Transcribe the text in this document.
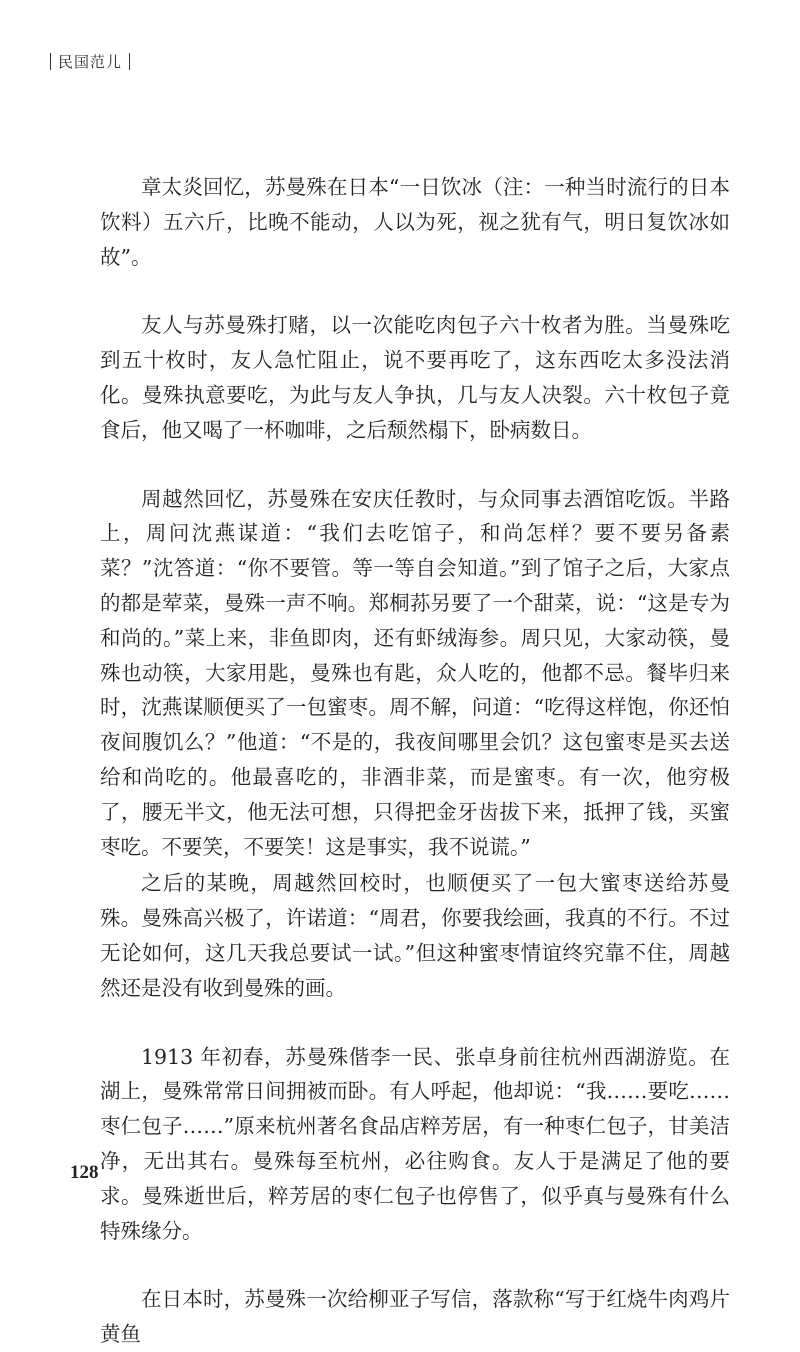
民国范儿

章太炎回忆，苏曼殊在日本“一日饮冰（注：一种当时流行的日本饮料）五六斤，比晚不能动，人以为死，视之犹有气，明日复饮冰如故”。

友人与苏曼殊打赌，以一次能吃肉包子六十枚者为胜。当曼殊吃到五十枚时，友人急忙阻止，说不要再吃了，这东西吃太多没法消化。曼殊执意要吃，为此与友人争执，几与友人决裂。六十枚包子竟食后，他又喝了一杯咖啡，之后颓然榻下，卧病数日。

周越然回忆，苏曼殊在安庆任教时，与众同事去酒馆吃饭。半路上，周问沈燕谋道：“我们去吃馆子，和尚怎样？要不要另备素菜？”沈答道：“你不要管。等一等自会知道。”到了馆子之后，大家点的都是荤菜，曼殊一声不响。郑桐荪另要了一个甜菜，说：“这是专为和尚的。”菜上来，非鱼即肉，还有虾绒海参。周只见，大家动筷，曼殊也动筷，大家用匙，曼殊也有匙，众人吃的，他都不忌。餐毕归来时，沈燕谋顺便买了一包蜜枣。周不解，问道：“吃得这样饱，你还怕夜间腹饥么？”他道：“不是的，我夜间哪里会饥？这包蜜枣是买去送给和尚吃的。他最喜吃的，非酒非菜，而是蜜枣。有一次，他穷极了，腰无半文，他无法可想，只得把金牙齿拔下来，抵押了钱，买蜜枣吃。不要笑，不要笑！这是事实，我不说谎。”

之后的某晚，周越然回校时，也顺便买了一包大蜜枣送给苏曼殊。曼殊高兴极了，许诺道：“周君，你要我绘画，我真的不行。不过无论如何，这几天我总要试一试。”但这种蜜枣情谊终究靠不住，周越然还是没有收到曼殊的画。

1913 年初春，苏曼殊偕李一民、张卓身前往杭州西湖游览。在湖上，曼殊常常日间拥被而卧。有人呼起，他却说：“我……要吃……枣仁包子……”原来杭州著名食品店粹芳居，有一种枣仁包子，甘美洁净，无出其右。曼殊每至杭州，必往购食。友人于是满足了他的要求。曼殊逝世后，粹芳居的枣仁包子也停售了，似乎真与曼殊有什么特殊缘分。

在日本时，苏曼殊一次给柳亚子写信，落款称“写于红烧牛肉鸡片黄鱼

128
